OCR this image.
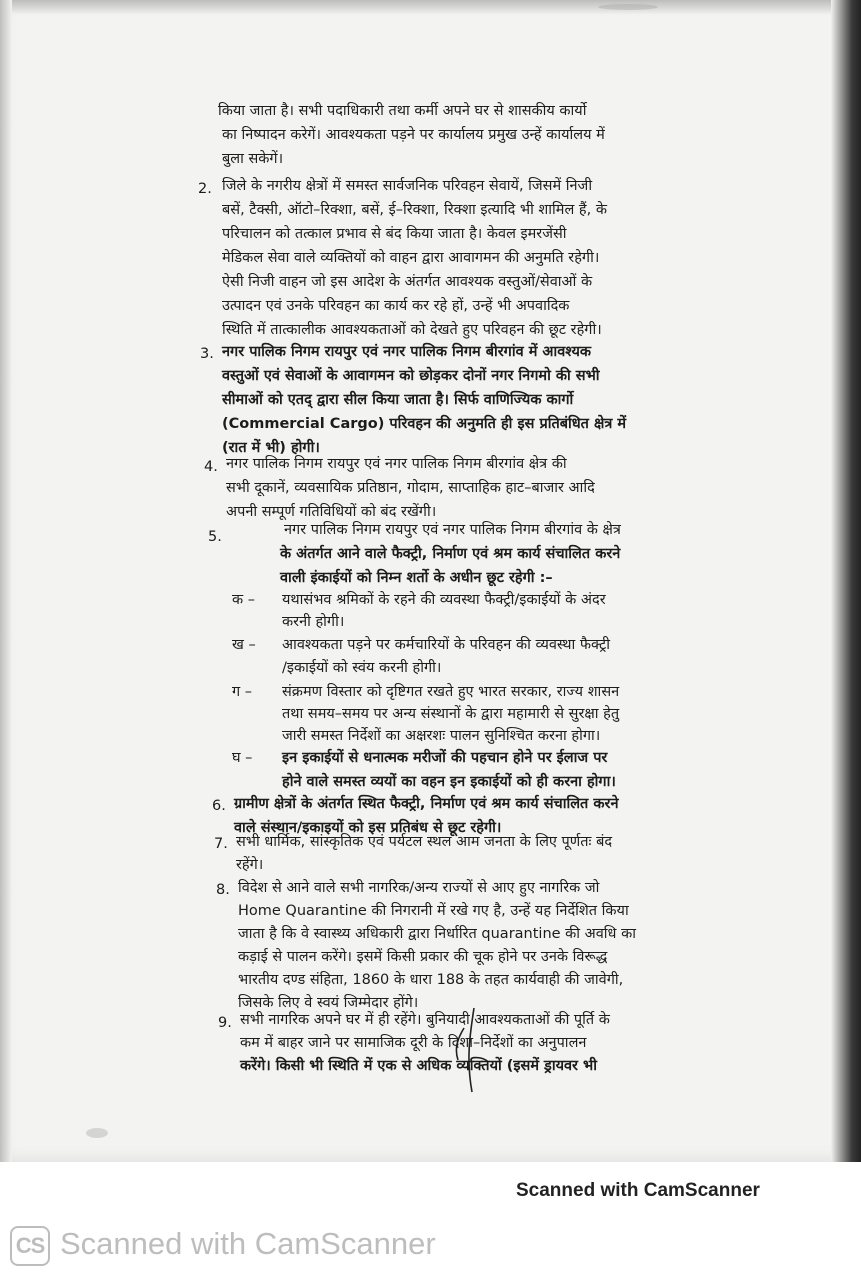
किया जाता है। सभी पदाधिकारी तथा कर्मी अपने घर से शासकीय कार्यो
का निष्पादन करेगें। आवश्यकता पड़ने पर कार्यालय प्रमुख उन्हें कार्यालय में
बुला सकेगें।
2. जिले के नगरीय क्षेत्रों में समस्त सार्वजनिक परिवहन सेवायें, जिसमें निजी
बसें, टैक्सी, ऑटो–रिक्शा, बसें, ई–रिक्शा, रिक्शा इत्यादि भी शामिल हैं, के
परिचालन को तत्काल प्रभाव से बंद किया जाता है। केवल इमरजेंसी
मेडिकल सेवा वाले व्यक्तियों को वाहन द्वारा आवागमन की अनुमति रहेगी।
ऐसी निजी वाहन जो इस आदेश के अंतर्गत आवश्यक वस्तुओं/सेवाओं के
उत्पादन एवं उनके परिवहन का कार्य कर रहे हों, उन्हें भी अपवादिक
स्थिति में तात्कालीक आवश्यकताओं को देखते हुए परिवहन की छूट रहेगी।
3. नगर पालिक निगम रायपुर एवं नगर पालिक निगम बीरगांव में आवश्यक
वस्तुओं एवं सेवाओं के आवागमन को छोड़कर दोनों नगर निगमो की सभी
सीमाओं को एतद् द्वारा सील किया जाता है। सिर्फ वाणिज्यिक कार्गो
(Commercial Cargo) परिवहन की अनुमति ही इस प्रतिबंधित क्षेत्र में
(रात में भी) होगी।
4. नगर पालिक निगम रायपुर एवं नगर पालिक निगम बीरगांव क्षेत्र की
सभी दूकानें, व्यवसायिक प्रतिष्ठान, गोदाम, साप्ताहिक हाट–बाजार आदि
अपनी सम्पूर्ण गतिविधियों को बंद रखेंगी।
5.	नगर पालिक निगम रायपुर एवं नगर पालिक निगम बीरगांव के क्षेत्र
के अंतर्गत आने वाले फैक्ट्री, निर्माण एवं श्रम कार्य संचालित करने
वाली इंकाईयों को निम्न शर्तो के अधीन छूट रहेगी :–
क – यथासंभव श्रमिकों के रहने की व्यवस्था फैक्ट्री/इकाईयों के अंदर
करनी होगी।
ख – आवश्यकता पड़ने पर कर्मचारियों के परिवहन की व्यवस्था फैक्ट्री
/इकाईयों को स्वंय करनी होगी।
ग – संक्रमण विस्तार को दृष्टिगत रखते हुए भारत सरकार, राज्य शासन
तथा समय–समय पर अन्य संस्थानों के द्वारा महामारी से सुरक्षा हेतु
जारी समस्त निर्देशों का अक्षरशः पालन सुनिश्चित करना होगा।
घ – इन इकाईयों से धनात्मक मरीजों की पहचान होने पर ईलाज पर
होने वाले समस्त व्ययों का वहन इन इकाईयों को ही करना होगा।
6. ग्रामीण क्षेत्रों के अंतर्गत स्थित फैक्ट्री, निर्माण एवं श्रम कार्य संचालित करने
वाले संस्थान/इकाइयों को इस प्रतिबंध से छूट रहेगी।
7. सभी धार्मिक, सांस्कृतिक एवं पर्यटल स्थल आम जनता के लिए पूर्णतः बंद
रहेंगे।
8. विदेश से आने वाले सभी नागरिक/अन्य राज्यों से आए हुए नागरिक जो
Home Quarantine की निगरानी में रखे गए है, उन्हें यह निर्देशित किया
जाता है कि वे स्वास्थ्य अधिकारी द्वारा निर्धारित quarantine की अवधि का
कड़ाई से पालन करेंगे। इसमें किसी प्रकार की चूक होने पर उनके विरूद्ध
भारतीय दण्ड संहिता, 1860 के धारा 188 के तहत कार्यवाही की जावेगी,
जिसके लिए वे स्वयं जिम्मेदार होंगे।
9. सभी नागरिक अपने घर में ही रहेंगे। बुनियादी आवश्यकताओं की पूर्ति के
कम में बाहर जाने पर सामाजिक दूरी के दिशा–निर्देशों का अनुपालन
करेंगे। किसी भी स्थिति में एक से अधिक व्यक्तियों (इसमें ड्रायवर भी
Scanned with CamScanner
CS Scanned with CamScanner
